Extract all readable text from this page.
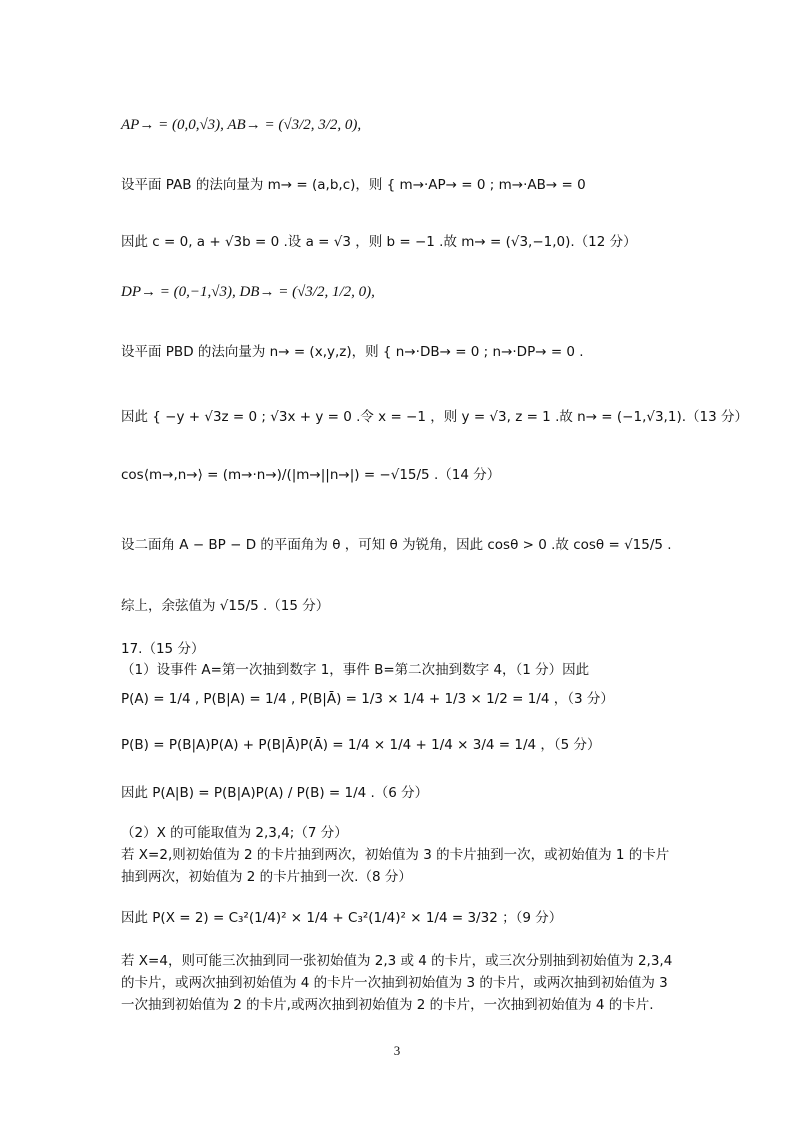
AP→ = (0,0,√3), AB→ = (√3/2, 3/2, 0),
设平面 PAB 的法向量为 m→ = (a,b,c)，则 { m→·AP→ = 0 ; m→·AB→ = 0
因此 c = 0, a + √3b = 0 .设 a = √3 ，则 b = −1 .故 m→ = (√3,−1,0).（12 分）
DP→ = (0,−1,√3), DB→ = (√3/2, 1/2, 0),
设平面 PBD 的法向量为 n→ = (x,y,z)，则 { n→·DB→ = 0 ; n→·DP→ = 0 .
因此 { −y + √3z = 0 ; √3x + y = 0 .令 x = −1 ，则 y = √3, z = 1 .故 n→ = (−1,√3,1).（13 分）
cos⟨m→,n→⟩ = (m→·n→)/(|m→||n→|) = −√15/5 .（14 分）
设二面角 A − BP − D 的平面角为 θ ，可知 θ 为锐角，因此 cosθ > 0 .故 cosθ = √15/5 .
综上，余弦值为 √15/5 .（15 分）
17.（15 分）
（1）设事件 A=第一次抽到数字 1，事件 B=第二次抽到数字 4，（1 分）因此
P(A) = 1/4 , P(B|A) = 1/4 , P(B|Ā) = 1/3 × 1/4 + 1/3 × 1/2 = 1/4 ，（3 分）
P(B) = P(B|A)P(A) + P(B|Ā)P(Ā) = 1/4 × 1/4 + 1/4 × 3/4 = 1/4 ，（5 分）
因此 P(A|B) = P(B|A)P(A) / P(B) = 1/4 .（6 分）
（2）X 的可能取值为 2,3,4;（7 分）
若 X=2,则初始值为 2 的卡片抽到两次，初始值为 3 的卡片抽到一次，或初始值为 1 的卡片
抽到两次，初始值为 2 的卡片抽到一次.（8 分）
因此 P(X = 2) = C₃²(1/4)² × 1/4 + C₃²(1/4)² × 1/4 = 3/32 ；（9 分）
若 X=4，则可能三次抽到同一张初始值为 2,3 或 4 的卡片，或三次分别抽到初始值为 2,3,4
的卡片，或两次抽到初始值为 4 的卡片一次抽到初始值为 3 的卡片，或两次抽到初始值为 3
一次抽到初始值为 2 的卡片,或两次抽到初始值为 2 的卡片，一次抽到初始值为 4 的卡片.
3
